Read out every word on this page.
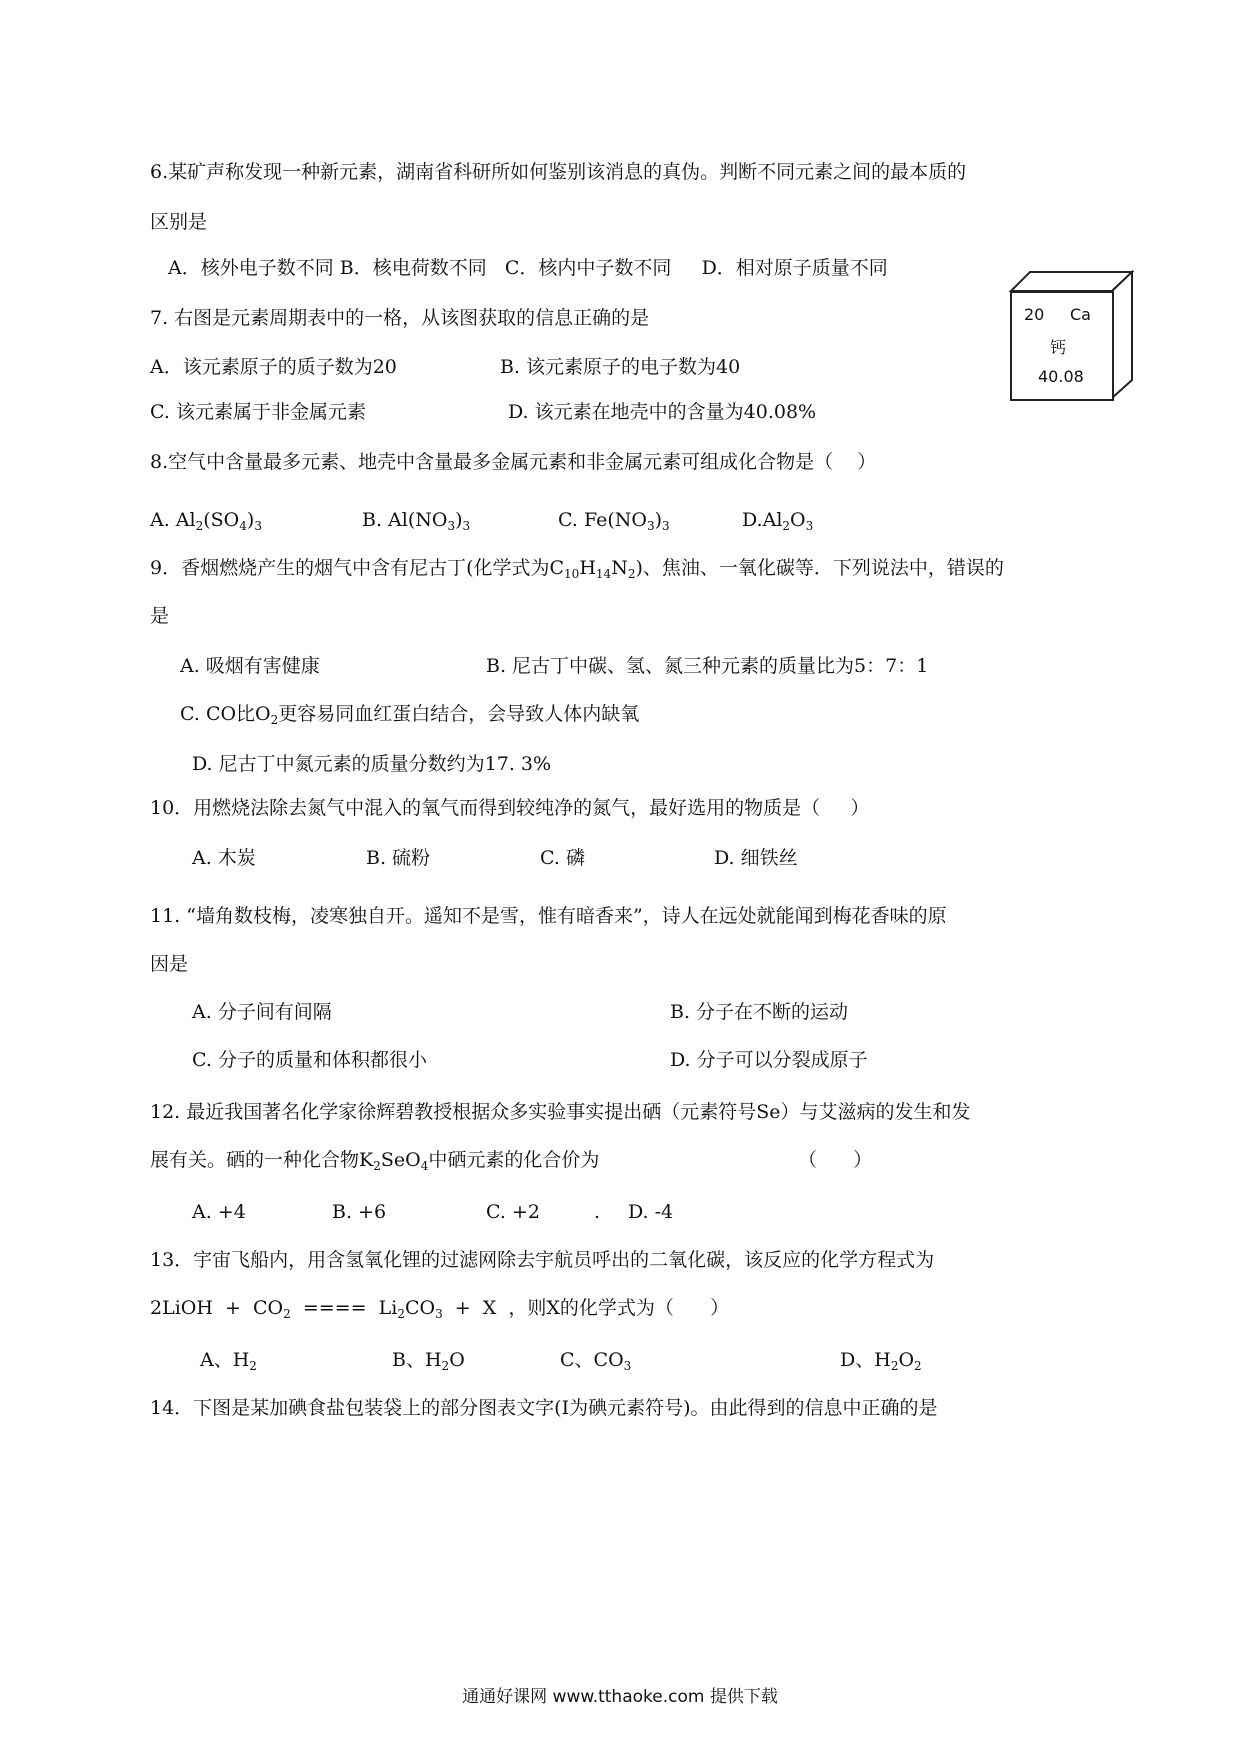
6.某矿声称发现一种新元素，湖南省科研所如何鉴别该消息的真伪。判断不同元素之间的最本质的
区别是
A．核外电子数不同 B．核电荷数不同   C．核内中子数不同     D．相对原子质量不同
7. 右图是元素周期表中的一格，从该图获取的信息正确的是
A．该元素原子的质子数为20	B. 该元素原子的电子数为40
C. 该元素属于非金属元素	D. 该元素在地壳中的含量为40.08%
20 Ca
钙
40.08
8.空气中含量最多元素、地壳中含量最多金属元素和非金属元素可组成化合物是（    ）
A. $Al_2(SO_4)_3$	B. $Al(NO_3)_3$	C. $Fe(NO_3)_3$	$D.Al_2O_3$
9．香烟燃烧产生的烟气中含有尼古丁(化学式为$C_{10}H_{14}N_2$)、焦油、一氧化碳等．下列说法中，错误的
是
A. 吸烟有害健康	B. 尼古丁中碳、氢、氮三种元素的质量比为5：7：1
C. CO比$O_2$更容易同血红蛋白结合，会导致人体内缺氧
D. 尼古丁中氮元素的质量分数约为17. 3%
10．用燃烧法除去氮气中混入的氧气而得到较纯净的氮气，最好选用的物质是（     ）
A. 木炭	B. 硫粉	C. 磷	D. 细铁丝
11. “墙角数枝梅，凌寒独自开。遥知不是雪，惟有暗香来”，诗人在远处就能闻到梅花香味的原
因是
A. 分子间有间隔	B. 分子在不断的运动
C. 分子的质量和体积都很小	D. 分子可以分裂成原子
12. 最近我国著名化学家徐辉碧教授根据众多实验事实提出硒（元素符号Se）与艾滋病的发生和发
展有关。硒的一种化合物$K_2SeO_4$中硒元素的化合价为	（      ）
A. +4	B. +6	C. +2	. D. -4
13．宇宙飞船内，用含氢氧化锂的过滤网除去宇航员呼出的二氧化碳，该反应的化学方程式为
2LiOH  +  $CO_2$  ====  $Li_2CO_3 + X$  ，则X的化学式为（      ）
A、$H_2$	B、$H_2O$	C、$CO_3$	D、$H_2O_2$
14．下图是某加碘食盐包装袋上的部分图表文字(I为碘元素符号)。由此得到的信息中正确的是
通通好课网 www.tthaoke.com 提供下载
